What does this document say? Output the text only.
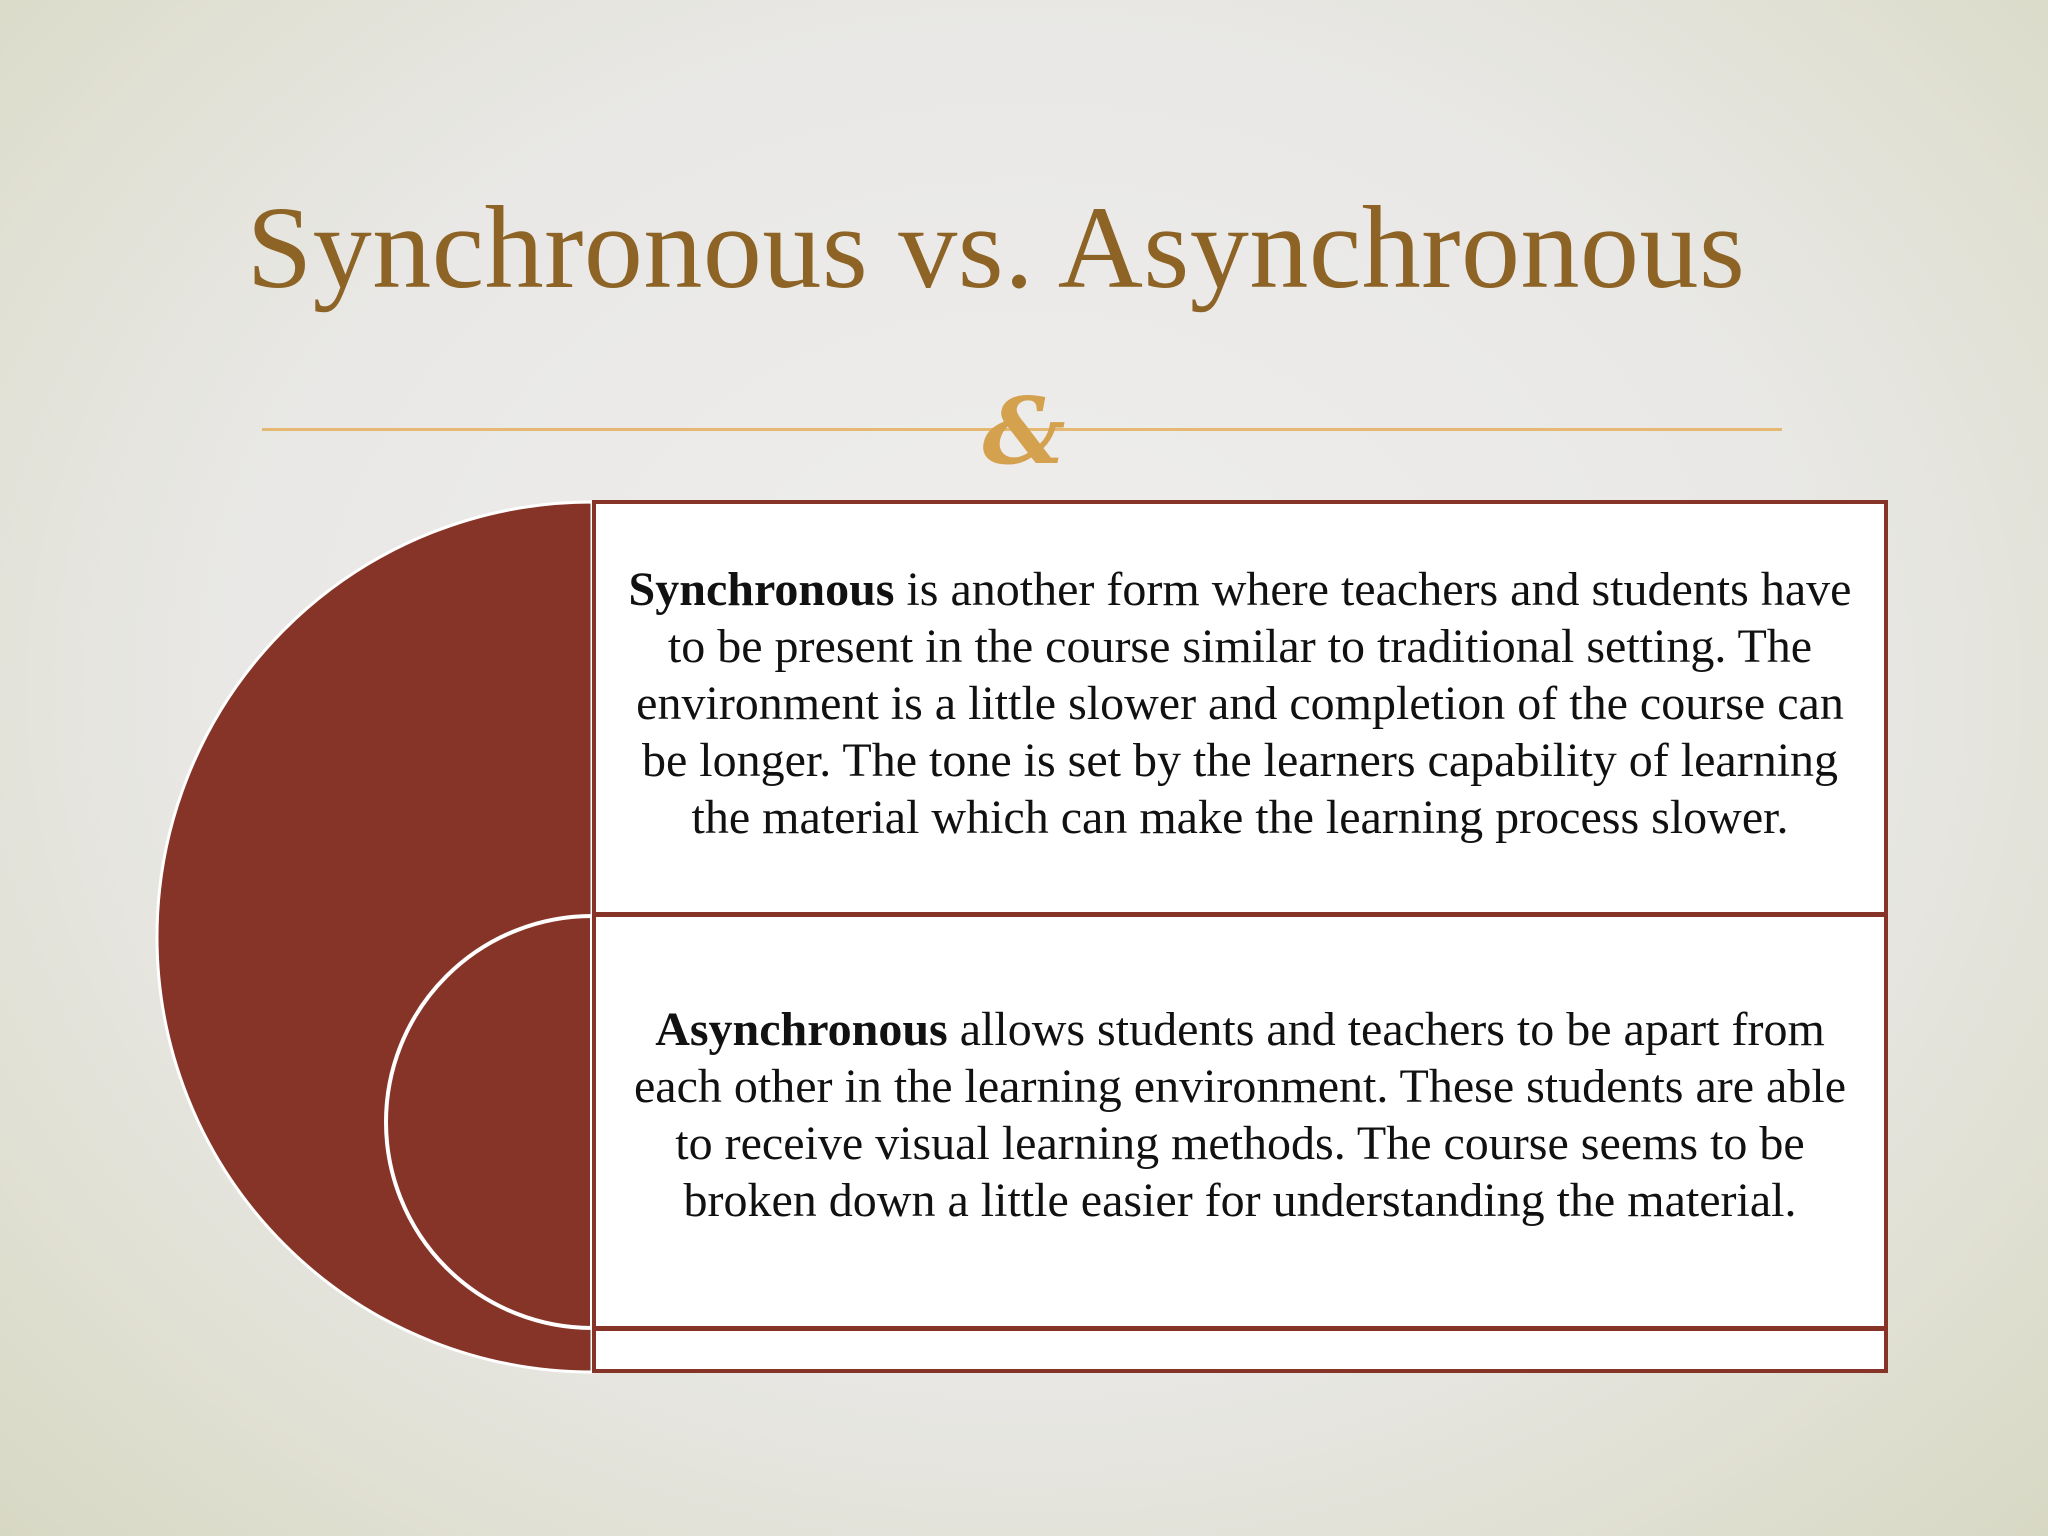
Synchronous vs. Asynchronous
&
Synchronous is another form where teachers and students have to be present in the course similar to traditional setting. The environment is a little slower and completion of the course can be longer. The tone is set by the learners capability of learning the material which can make the learning process slower.
Asynchronous allows students and teachers to be apart from each other in the learning environment. These students are able to receive visual learning methods. The course seems to be broken down a little easier for understanding the material.
